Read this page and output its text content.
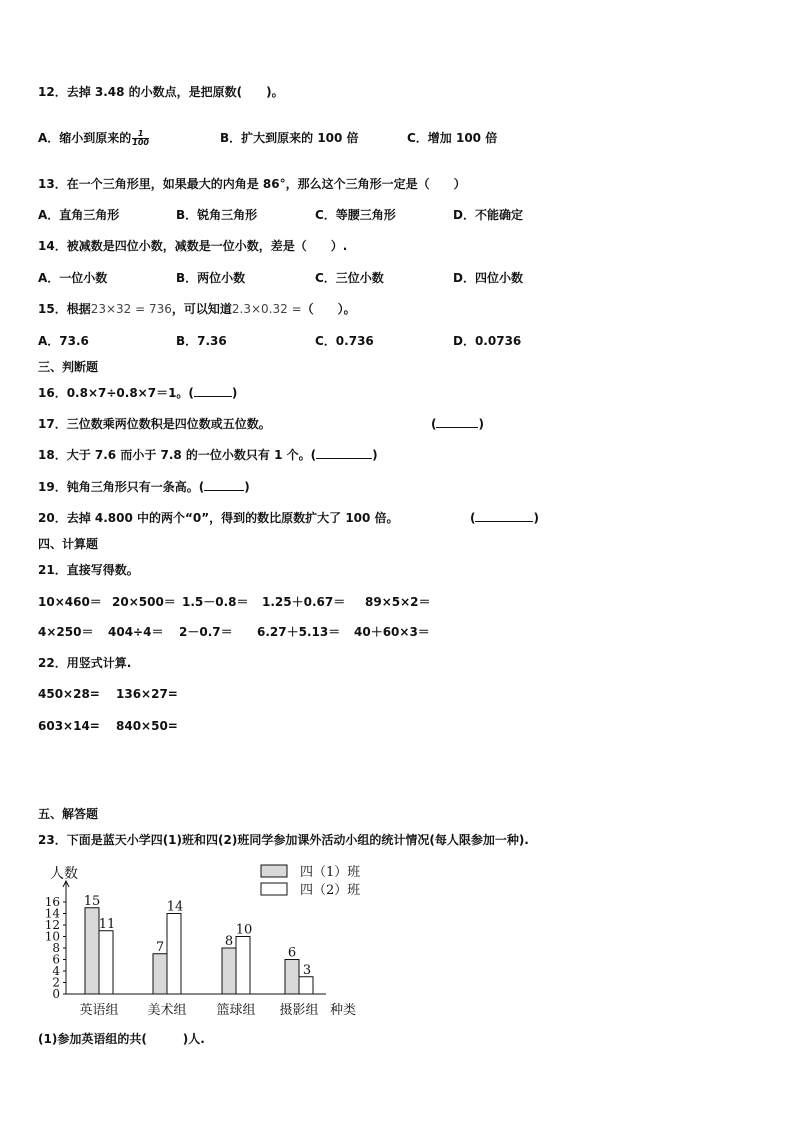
12．去掉 3.48 的小数点，是把原数(　　)。
A．缩小到原来的 $\frac{1}{100}$	B．扩大到原来的 100 倍	C．增加 100 倍
13．在一个三角形里，如果最大的内角是 86°，那么这个三角形一定是（　　）
A．直角三角形	B．锐角三角形	C．等腰三角形	D．不能确定
14．被减数是四位小数，减数是一位小数，差是（　　）.
A．一位小数	B．两位小数	C．三位小数	D．四位小数
15．根据23×32 = 736，可以知道2.3×0.32 =（　　）。
A．73.6	B．7.36	C．0.736	D．0.0736
三、判断题
16．0.8×7÷0.8×7＝1。(	)
17．三位数乘两位数积是四位数或五位数。	(	)
18．大于 7.6 而小于 7.8 的一位小数只有 1 个。(	)
19．钝角三角形只有一条高。(	)
20．去掉 4.800 中的两个“0”，得到的数比原数扩大了 100 倍。	(	)
四、计算题
21．直接写得数。
10×460＝ 20×500＝ 1.5－0.8＝ 1.25＋0.67＝ 89×5×2＝
4×250＝ 404÷4＝ 2－0.7＝ 6.27＋5.13＝ 40＋60×3＝
22．用竖式计算.
450×28= 136×27=
603×14= 840×50=
五、解答题
23．下面是蓝天小学四(1)班和四(2)班同学参加课外活动小组的统计情况(每人限参加一种).
人数
种类
0
2
4
6
8
10
12
14
16
英语组 美术组 篮球组 摄影组
15
11
7
14
8
10
6
3
四（1）班
四（2）班
(1)参加英语组的共(　　　)人.
